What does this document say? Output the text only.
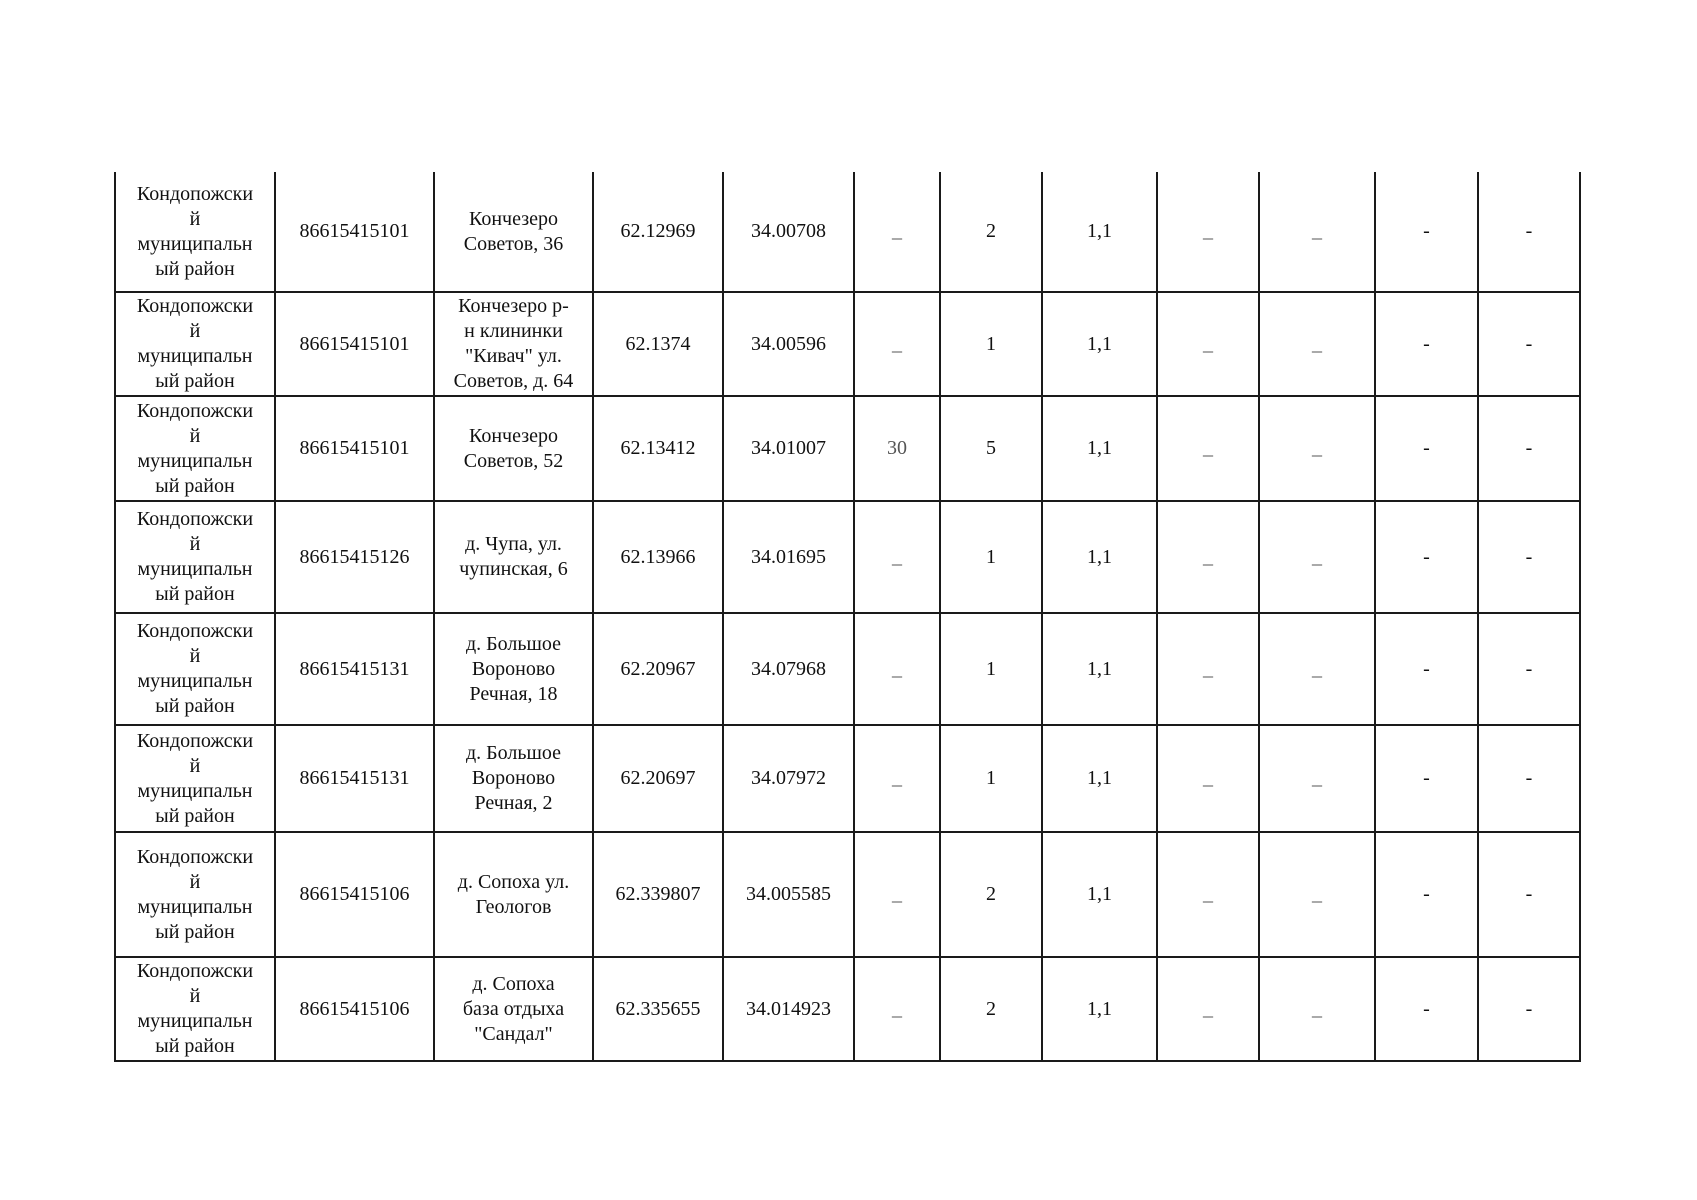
Кондопожски
й
муниципальн
ый район	86615415101	Кончезеро
Советов, 36	62.12969	34.00708	_	2	1,1	_	_	-	-
Кондопожски
й
муниципальн
ый район	86615415101	Кончезеро р-
н клининки
"Кивач" ул.
Советов, д. 64	62.1374	34.00596	_	1	1,1	_	_	-	-
Кондопожски
й
муниципальн
ый район	86615415101	Кончезеро
Советов, 52	62.13412	34.01007	30	5	1,1	_	_	-	-
Кондопожски
й
муниципальн
ый район	86615415126	д. Чупа, ул.
чупинская, 6	62.13966	34.01695	_	1	1,1	_	_	-	-
Кондопожски
й
муниципальн
ый район	86615415131	д. Большое
Вороново
Речная, 18	62.20967	34.07968	_	1	1,1	_	_	-	-
Кондопожски
й
муниципальн
ый район	86615415131	д. Большое
Вороново
Речная, 2	62.20697	34.07972	_	1	1,1	_	_	-	-
Кондопожски
й
муниципальн
ый район	86615415106	д. Сопоха ул.
Геологов	62.339807	34.005585	_	2	1,1	_	_	-	-
Кондопожски
й
муниципальн
ый район	86615415106	д. Сопоха
база отдыха
"Сандал"	62.335655	34.014923	_	2	1,1	_	_	-	-
